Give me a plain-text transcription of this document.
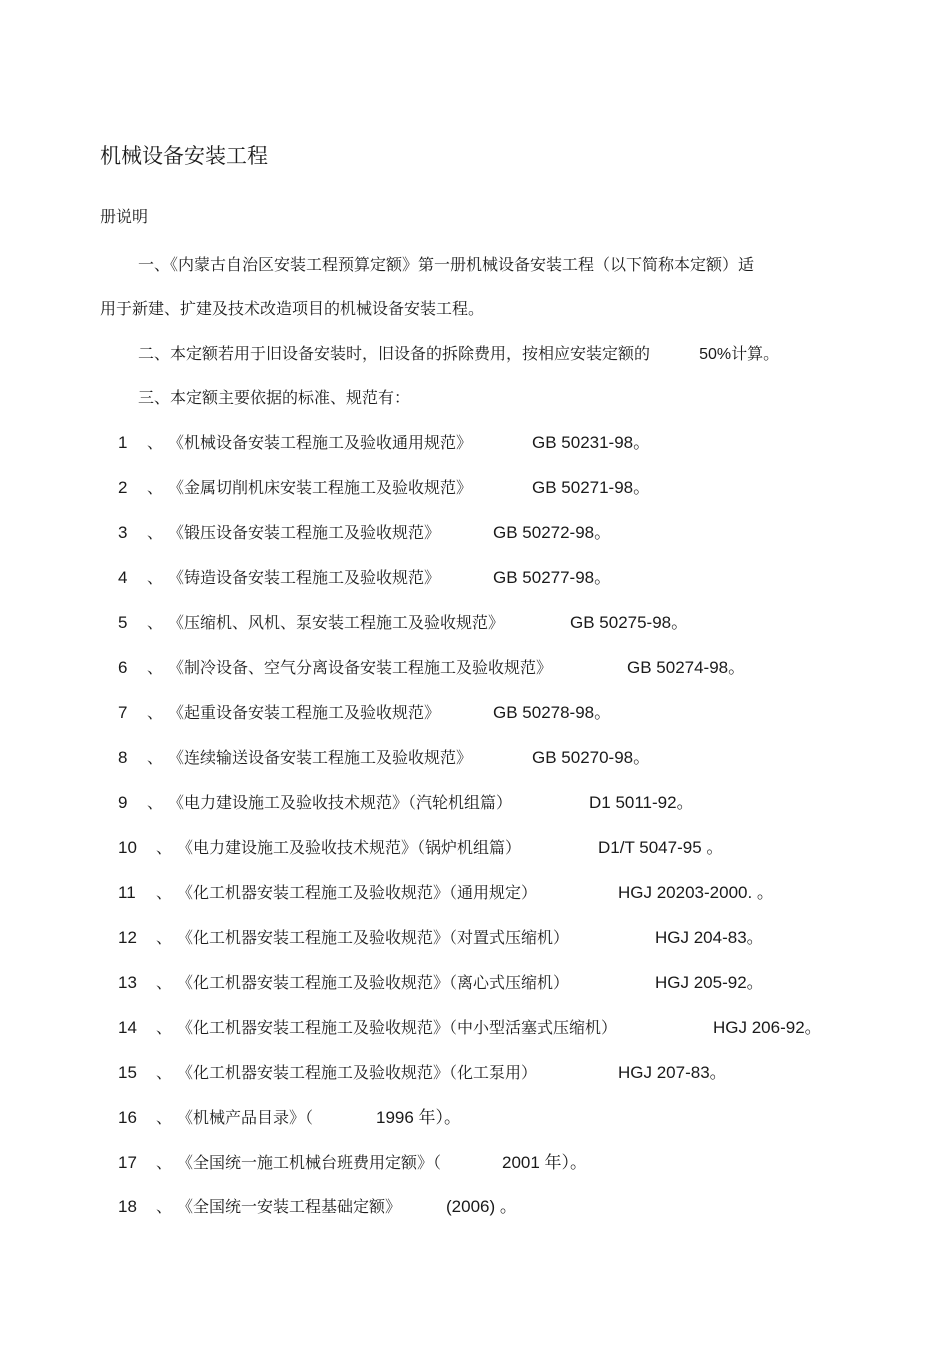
机械设备安装工程
册说明
一、《内蒙古自治区安装工程预算定额》第一册机械设备安装工程（以下简称本定额）适
用于新建、扩建及技术改造项目的机械设备安装工程。
二、本定额若用于旧设备安装时，旧设备的拆除费用，按相应安装定额的	50%计算。
三、本定额主要依据的标准、规范有：
1 、 《机械设备安装工程施工及验收通用规范》	GB 50231-98。
2 、 《金属切削机床安装工程施工及验收规范》	GB 50271-98。
3 、 《锻压设备安装工程施工及验收规范》	GB 50272-98。
4 、 《铸造设备安装工程施工及验收规范》	GB 50277-98。
5 、 《压缩机、风机、泵安装工程施工及验收规范》	GB 50275-98。
6 、 《制冷设备、空气分离设备安装工程施工及验收规范》	GB 50274-98。
7 、 《起重设备安装工程施工及验收规范》	GB 50278-98。
8 、 《连续输送设备安装工程施工及验收规范》	GB 50270-98。
9 、 《电力建设施工及验收技术规范》（汽轮机组篇）	D1 5011-92。
10 、 《电力建设施工及验收技术规范》（锅炉机组篇）	D1/T 5047-95 。
11 、 《化工机器安装工程施工及验收规范》（通用规定）	HGJ 20203-2000. 。
12 、 《化工机器安装工程施工及验收规范》（对置式压缩机）	HGJ 204-83。
13 、 《化工机器安装工程施工及验收规范》（离心式压缩机）	HGJ 205-92。
14 、 《化工机器安装工程施工及验收规范》（中小型活塞式压缩机）	HGJ 206-92。
15 、 《化工机器安装工程施工及验收规范》（化工泵用）	HGJ 207-83。
16 、 《机械产品目录》（	1996 年）。
17 、 《全国统一施工机械台班费用定额》（	2001 年）。
18 、 《全国统一安装工程基础定额》	(2006) 。
